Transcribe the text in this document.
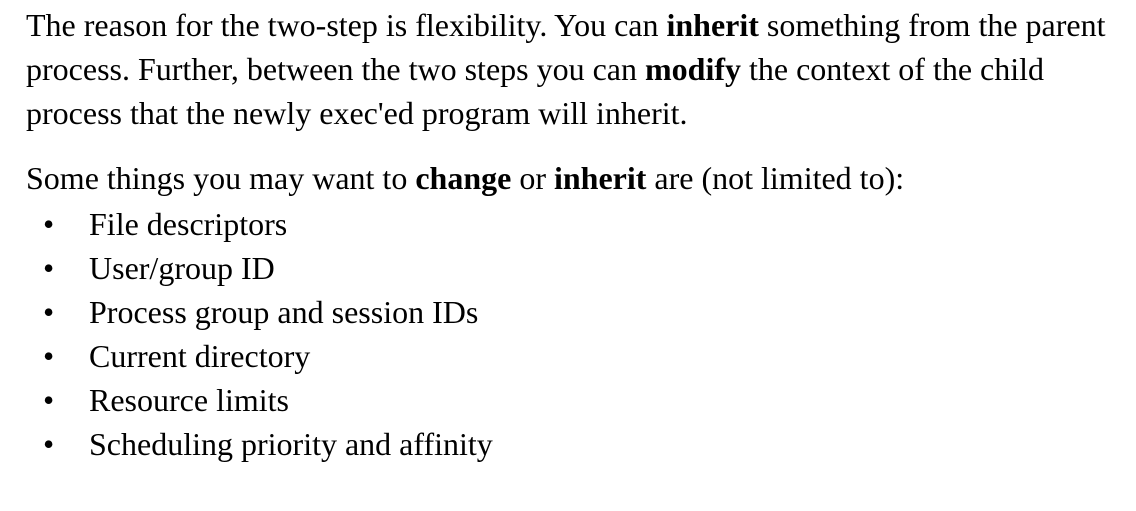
The reason for the two-step is flexibility. You can inherit something from the parent process. Further, between the two steps you can modify the context of the child process that the newly exec'ed program will inherit.

Some things you may want to change or inherit are (not limited to):

• File descriptors
• User/group ID
• Process group and session IDs
• Current directory
• Resource limits
• Scheduling priority and affinity
